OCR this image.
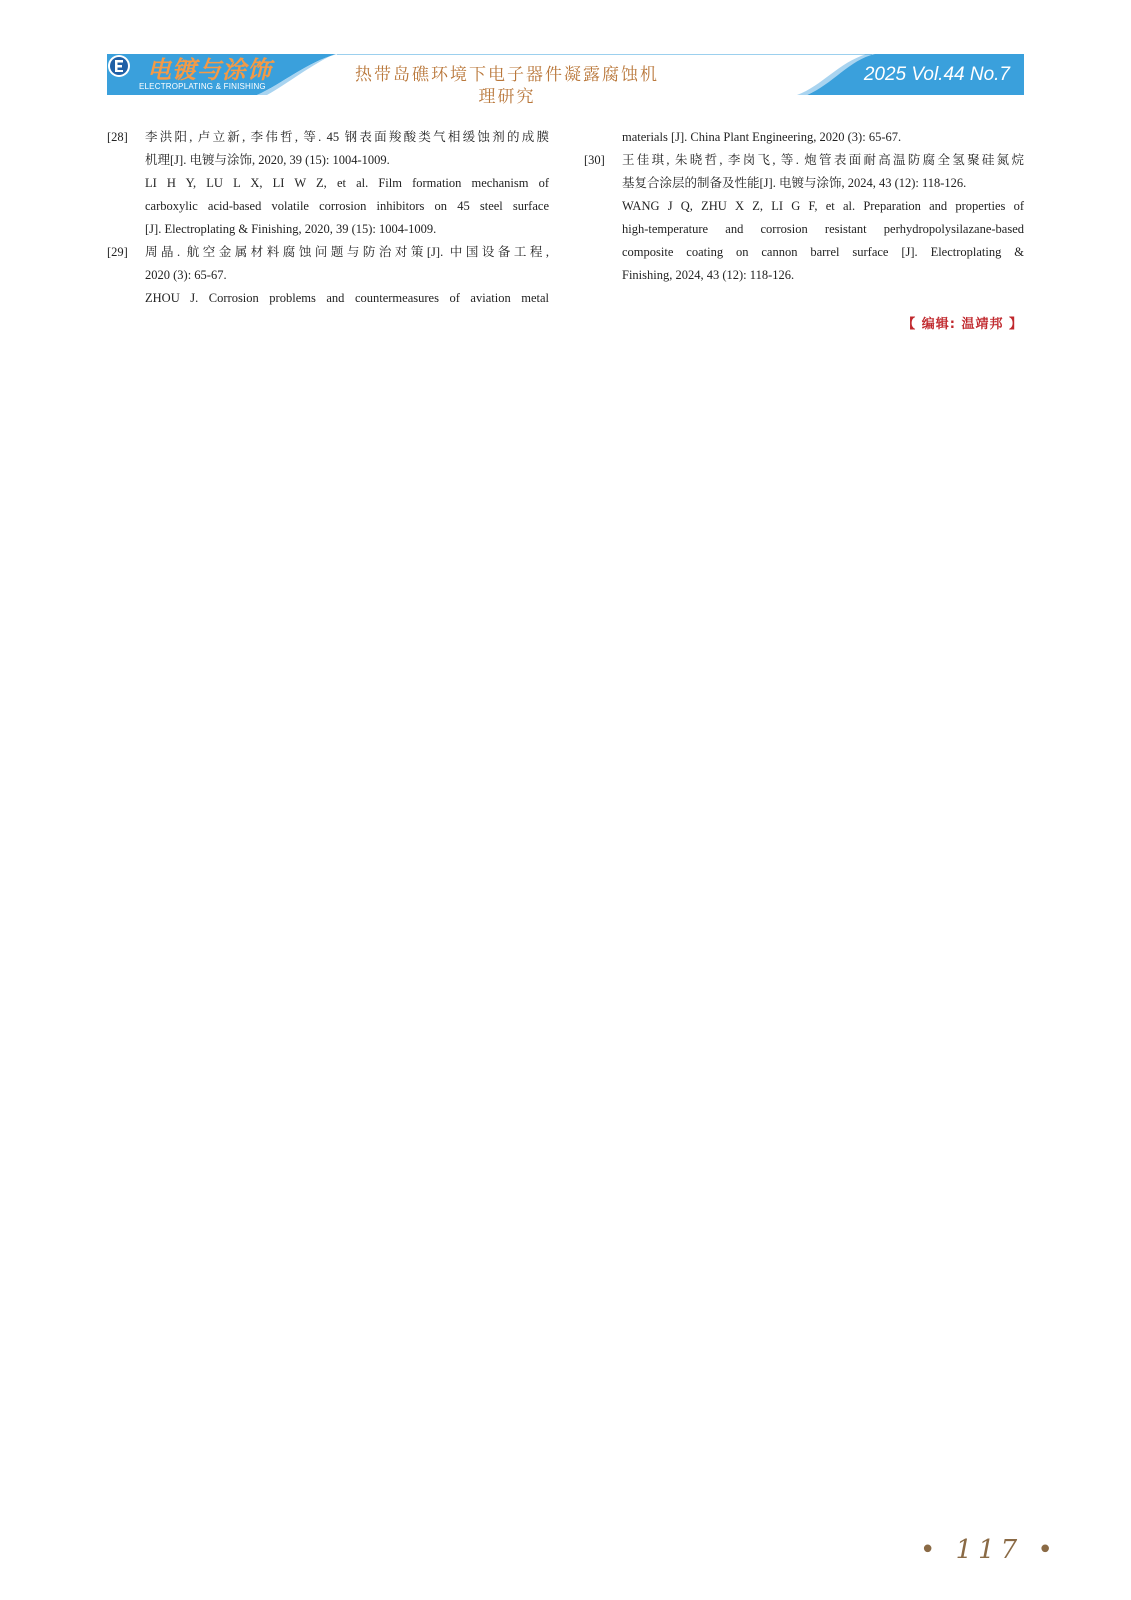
电镀与涂饰
ELECTROPLATING & FINISHING
热带岛礁环境下电子器件凝露腐蚀机理研究
2025 Vol.44 No.7
[28] 李洪阳, 卢立新, 李伟哲, 等. 45 钢表面羧酸类气相缓蚀剂的成膜
机理[J]. 电镀与涂饰, 2020, 39 (15): 1004-1009.
LI H Y, LU L X, LI W Z, et al. Film formation mechanism of
carboxylic acid-based volatile corrosion inhibitors on 45 steel surface
[J]. Electroplating & Finishing, 2020, 39 (15): 1004-1009.
[29] 周晶. 航空金属材料腐蚀问题与防治对策[J]. 中国设备工程,
2020 (3): 65-67.
ZHOU J. Corrosion problems and countermeasures of aviation metal
materials [J]. China Plant Engineering, 2020 (3): 65-67.
[30] 王佳琪, 朱晓哲, 李岗飞, 等. 炮管表面耐高温防腐全氢聚硅氮烷
基复合涂层的制备及性能[J]. 电镀与涂饰, 2024, 43 (12): 118-126.
WANG J Q, ZHU X Z, LI G F, et al. Preparation and properties of
high-temperature and corrosion resistant perhydropolysilazane-based
composite coating on cannon barrel surface [J]. Electroplating &
Finishing, 2024, 43 (12): 118-126.
【 编辑: 温靖邦 】
• 117 •
